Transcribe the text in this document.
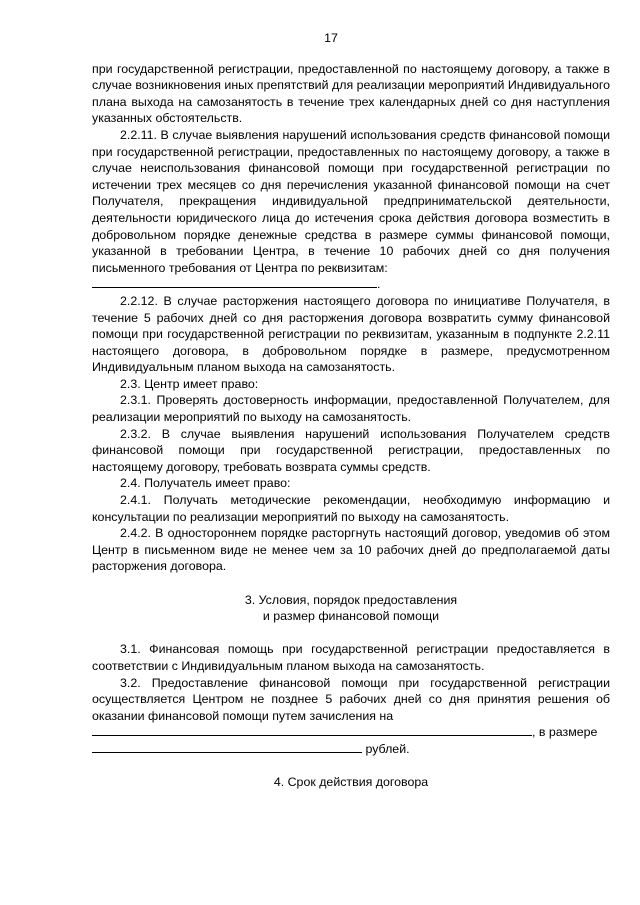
17

при государственной регистрации, предоставленной по настоящему договору, а также в случае возникновения иных препятствий для реализации мероприятий Индивидуального плана выхода на самозанятость в течение трех календарных дней со дня наступления указанных обстоятельств.

2.2.11. В случае выявления нарушений использования средств финансовой помощи при государственной регистрации, предоставленных по настоящему договору, а также в случае неиспользования финансовой помощи при государственной регистрации по истечении трех месяцев со дня перечисления указанной финансовой помощи на счет Получателя, прекращения индивидуальной предпринимательской деятельности, деятельности юридического лица до истечения срока действия договора возместить в добровольном порядке денежные средства в размере суммы финансовой помощи, указанной в требовании Центра, в течение 10 рабочих дней со дня получения письменного требования от Центра по реквизитам:

.

2.2.12. В случае расторжения настоящего договора по инициативе Получателя, в течение 5 рабочих дней со дня расторжения договора возвратить сумму финансовой помощи при государственной регистрации по реквизитам, указанным в подпункте 2.2.11 настоящего договора, в добровольном порядке в размере, предусмотренном Индивидуальным планом выхода на самозанятость.

2.3. Центр имеет право:

2.3.1. Проверять достоверность информации, предоставленной Получателем, для реализации мероприятий по выходу на самозанятость.

2.3.2. В случае выявления нарушений использования Получателем средств финансовой помощи при государственной регистрации, предоставленных по настоящему договору, требовать возврата суммы средств.

2.4. Получатель имеет право:

2.4.1. Получать методические рекомендации, необходимую информацию и консультации по реализации мероприятий по выходу на самозанятость.

2.4.2. В одностороннем порядке расторгнуть настоящий договор, уведомив об этом Центр в письменном виде не менее чем за 10 рабочих дней до предполагаемой даты расторжения договора.

3. Условия, порядок предоставления

и размер финансовой помощи

3.1. Финансовая помощь при государственной регистрации предоставляется в соответствии с Индивидуальным планом выхода на самозанятость.

3.2. Предоставление финансовой помощи при государственной регистрации осуществляется Центром не позднее 5 рабочих дней со дня принятия решения об оказании финансовой помощи путем зачисления на

, в размере

рублей.

4. Срок действия договора
